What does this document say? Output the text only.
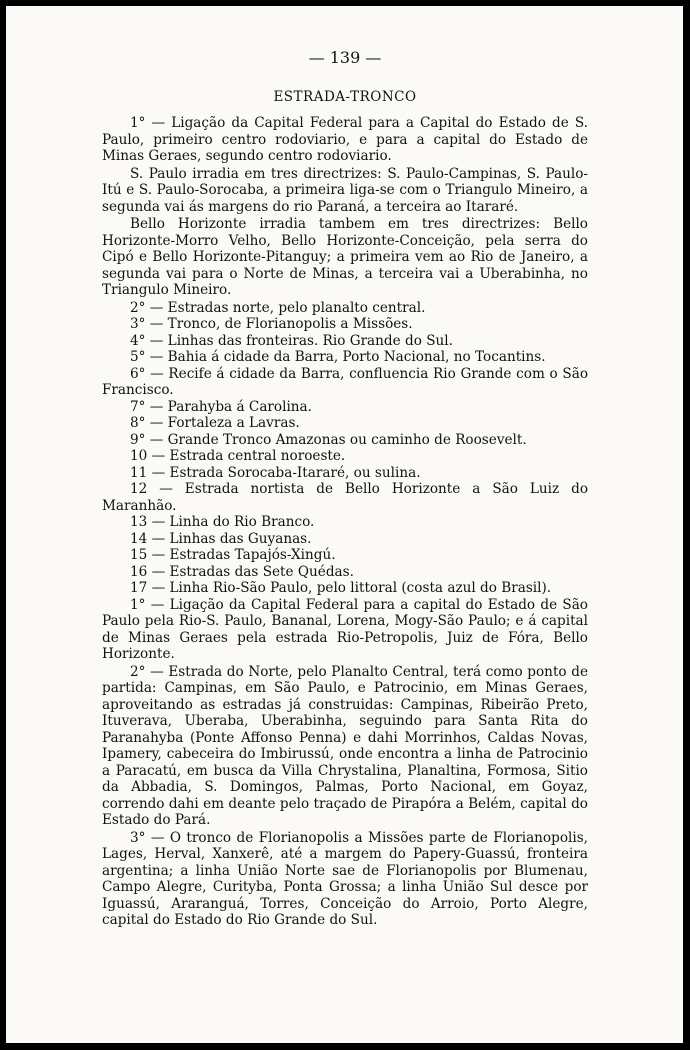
— 139 —
ESTRADA-TRONCO

1° — Ligação da Capital Federal para a Capital do Estado de S. Paulo, primeiro centro rodoviario, e para a capital do Estado de Minas Geraes, segundo centro rodoviario.

S. Paulo irradia em tres directrizes: S. Paulo-Campinas, S. Paulo-Itú e S. Paulo-Sorocaba, a primeira liga-se com o Triangulo Mineiro, a segunda vai ás margens do rio Paraná, a terceira ao Itararé.

Bello Horizonte irradia tambem em tres directrizes: Bello Horizonte-Morro Velho, Bello Horizonte-Conceição, pela serra do Cipó e Bello Horizonte-Pitanguy; a primeira vem ao Rio de Janeiro, a segunda vai para o Norte de Minas, a terceira vai a Uberabinha, no Triangulo Mineiro.

2° — Estradas norte, pelo planalto central.

3° — Tronco, de Florianopolis a Missões.

4° — Linhas das fronteiras. Rio Grande do Sul.

5° — Bahia á cidade da Barra, Porto Nacional, no Tocantins.

6° — Recife á cidade da Barra, confluencia Rio Grande com o São Francisco.

7° — Parahyba á Carolina.

8° — Fortaleza a Lavras.

9° — Grande Tronco Amazonas ou caminho de Roosevelt.

10 — Estrada central noroeste.

11 — Estrada Sorocaba-Itararé, ou sulina.

12 — Estrada nortista de Bello Horizonte a São Luiz do Maranhão.

13 — Linha do Rio Branco.

14 — Linhas das Guyanas.

15 — Estradas Tapajós-Xingú.

16 — Estradas das Sete Quédas.

17 — Linha Rio-São Paulo, pelo littoral (costa azul do Brasil).

1° — Ligação da Capital Federal para a capital do Estado de São Paulo pela Rio-S. Paulo, Bananal, Lorena, Mogy-São Paulo; e á capital de Minas Geraes pela estrada Rio-Petropolis, Juiz de Fóra, Bello Horizonte.

2° — Estrada do Norte, pelo Planalto Central, terá como ponto de partida: Campinas, em São Paulo, e Patrocinio, em Minas Geraes, aproveitando as estradas já construidas: Campinas, Ribeirão Preto, Ituverava, Uberaba, Uberabinha, seguindo para Santa Rita do Paranahyba (Ponte Affonso Penna) e dahi Morrinhos, Caldas Novas, Ipamery, cabeceira do Imbirussú, onde encontra a linha de Patrocinio a Paracatú, em busca da Villa Chrystalina, Planaltina, Formosa, Sitio da Abbadia, S. Domingos, Palmas, Porto Nacional, em Goyaz, correndo dahi em deante pelo traçado de Pirapóra a Belém, capital do Estado do Pará.

3° — O tronco de Florianopolis a Missões parte de Florianopolis, Lages, Herval, Xanxerê, até a margem do Papery-Guassú, fronteira argentina; a linha União Norte sae de Florianopolis por Blumenau, Campo Alegre, Curityba, Ponta Grossa; a linha União Sul desce por Iguassú, Araranguá, Torres, Conceição do Arroio, Porto Alegre, capital do Estado do Rio Grande do Sul.
